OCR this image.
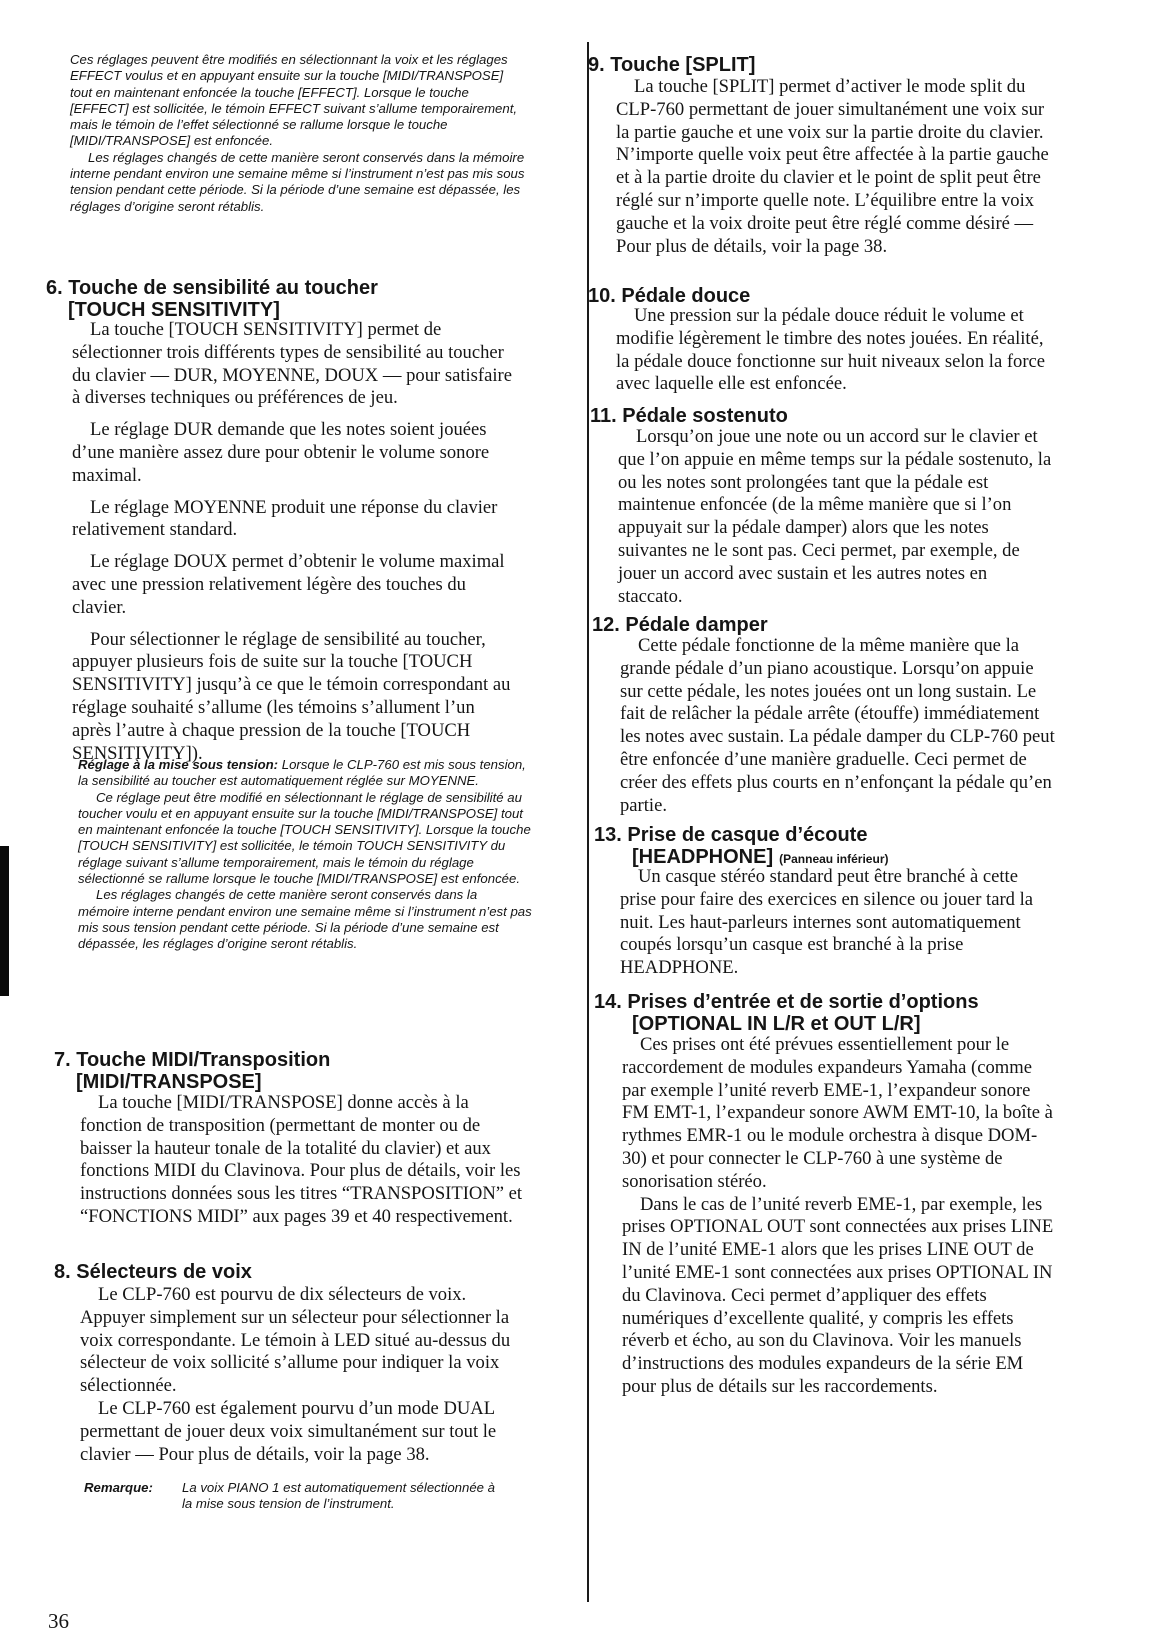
Ces réglages peuvent être modifiés en sélectionnant la voix et les réglages EFFECT voulus et en appuyant ensuite sur la touche [MIDI/TRANSPOSE] tout en maintenant enfoncée la touche [EFFECT]. Lorsque le touche [EFFECT] est sollicitée, le témoin EFFECT suivant s’allume temporairement, mais le témoin de l’effet sélectionné se rallume lorsque le touche [MIDI/TRANSPOSE] est enfoncée.

Les réglages changés de cette manière seront conservés dans la mémoire interne pendant environ une semaine même si l’instrument n’est pas mis sous tension pendant cette période. Si la période d’une semaine est dépassée, les réglages d’origine seront rétablis.

6. Touche de sensibilité au toucher
[TOUCH SENSITIVITY]

La touche [TOUCH SENSITIVITY] permet de sélectionner trois différents types de sensibilité au toucher du clavier — DUR, MOYENNE, DOUX — pour satisfaire à diverses techniques ou préférences de jeu.

Le réglage DUR demande que les notes soient jouées d’une manière assez dure pour obtenir le volume sonore maximal.

Le réglage MOYENNE produit une réponse du clavier relativement standard.

Le réglage DOUX permet d’obtenir le volume maximal avec une pression relativement légère des touches du clavier.

Pour sélectionner le réglage de sensibilité au toucher, appuyer plusieurs fois de suite sur la touche [TOUCH SENSITIVITY] jusqu’à ce que le témoin correspondant au réglage souhaité s’allume (les témoins s’allument l’un après l’autre à chaque pression de la touche [TOUCH SENSITIVITY]).

Réglage à la mise sous tension: Lorsque le CLP-760 est mis sous tension, la sensibilité au toucher est automatiquement réglée sur MOYENNE.

Ce réglage peut être modifié en sélectionnant le réglage de sensibilité au toucher voulu et en appuyant ensuite sur la touche [MIDI/TRANSPOSE] tout en maintenant enfoncée la touche [TOUCH SENSITIVITY]. Lorsque la touche [TOUCH SENSITIVITY] est sollicitée, le témoin TOUCH SENSITIVITY du réglage suivant s’allume temporairement, mais le témoin du réglage sélectionné se rallume lorsque le touche [MIDI/TRANSPOSE] est enfoncée.

Les réglages changés de cette manière seront conservés dans la mémoire interne pendant environ une semaine même si l’instrument n’est pas mis sous tension pendant cette période. Si la période d’une semaine est dépassée, les réglages d’origine seront rétablis.

7. Touche MIDI/Transposition
[MIDI/TRANSPOSE]

La touche [MIDI/TRANSPOSE] donne accès à la fonction de transposition (permettant de monter ou de baisser la hauteur tonale de la totalité du clavier) et aux fonctions MIDI du Clavinova. Pour plus de détails, voir les instructions données sous les titres “TRANSPOSITION” et “FONCTIONS MIDI” aux pages 39 et 40 respectivement.

8. Sélecteurs de voix

Le CLP-760 est pourvu de dix sélecteurs de voix. Appuyer simplement sur un sélecteur pour sélectionner la voix correspondante. Le témoin à LED situé au-dessus du sélecteur de voix sollicité s’allume pour indiquer la voix sélectionnée.

Le CLP-760 est également pourvu d’un mode DUAL permettant de jouer deux voix simultanément sur tout le clavier — Pour plus de détails, voir la page 38.

Remarque: La voix PIANO 1 est automatiquement sélectionnée à la mise sous tension de l’instrument.
36
9. Touche [SPLIT]

La touche [SPLIT] permet d’activer le mode split du CLP-760 permettant de jouer simultanément une voix sur la partie gauche et une voix sur la partie droite du clavier. N’importe quelle voix peut être affectée à la partie gauche et à la partie droite du clavier et le point de split peut être réglé sur n’importe quelle note. L’équilibre entre la voix gauche et la voix droite peut être réglé comme désiré — Pour plus de détails, voir la page 38.

10. Pédale douce

Une pression sur la pédale douce réduit le volume et modifie légèrement le timbre des notes jouées. En réalité, la pédale douce fonctionne sur huit niveaux selon la force avec laquelle elle est enfoncée.

11. Pédale sostenuto

Lorsqu’on joue une note ou un accord sur le clavier et que l’on appuie en même temps sur la pédale sostenuto, la ou les notes sont prolongées tant que la pédale est maintenue enfoncée (de la même manière que si l’on appuyait sur la pédale damper) alors que les notes suivantes ne le sont pas. Ceci permet, par exemple, de jouer un accord avec sustain et les autres notes en staccato.

12. Pédale damper

Cette pédale fonctionne de la même manière que la grande pédale d’un piano acoustique. Lorsqu’on appuie sur cette pédale, les notes jouées ont un long sustain. Le fait de relâcher la pédale arrête (étouffe) immédiatement les notes avec sustain. La pédale damper du CLP-760 peut être enfoncée d’une manière graduelle. Ceci permet de créer des effets plus courts en n’enfonçant la pédale qu’en partie.

13. Prise de casque d’écoute
[HEADPHONE] (Panneau inférieur)

Un casque stéréo standard peut être branché à cette prise pour faire des exercices en silence ou jouer tard la nuit. Les haut-parleurs internes sont automatiquement coupés lorsqu’un casque est branché à la prise HEADPHONE.

14. Prises d’entrée et de sortie d’options
[OPTIONAL IN L/R et OUT L/R]

Ces prises ont été prévues essentiellement pour le raccordement de modules expandeurs Yamaha (comme par exemple l’unité reverb EME-1, l’expandeur sonore FM EMT-1, l’expandeur sonore AWM EMT-10, la boîte à rythmes EMR-1 ou le module orchestra à disque DOM-30) et pour connecter le CLP-760 à une système de sonorisation stéréo.

Dans le cas de l’unité reverb EME-1, par exemple, les prises OPTIONAL OUT sont connectées aux prises LINE IN de l’unité EME-1 alors que les prises LINE OUT de l’unité EME-1 sont connectées aux prises OPTIONAL IN du Clavinova. Ceci permet d’appliquer des effets numériques d’excellente qualité, y compris les effets réverb et écho, au son du Clavinova. Voir les manuels d’instructions des modules expandeurs de la série EM pour plus de détails sur les raccordements.
